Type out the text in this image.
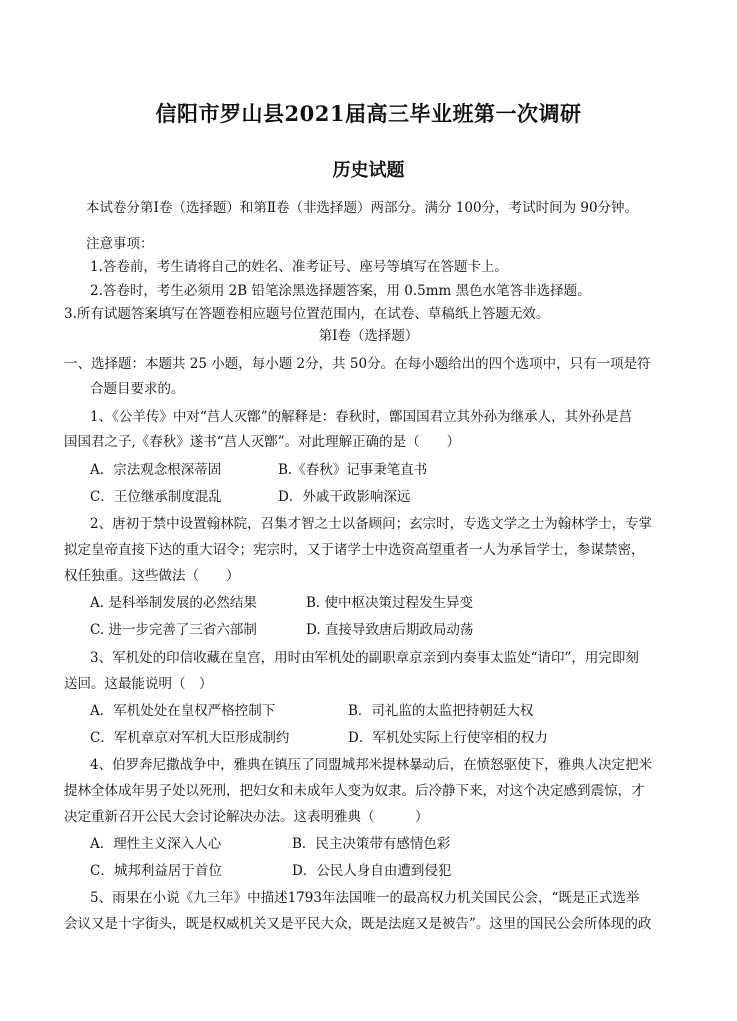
信阳市罗山县2021届高三毕业班第一次调研
历史试题
本试卷分第Ⅰ卷（选择题）和第Ⅱ卷（非选择题）两部分。满分 100分，考试时间为 90分钟。
注意事项：
1.答卷前，考生请将自己的姓名、准考证号、座号等填写在答题卡上。
2.答卷时，考生必须用 2B 铅笔涂黑选择题答案，用 0.5mm 黑色水笔答非选择题。
3.所有试题答案填写在答题卷相应题号位置范围内，在试卷、草稿纸上答题无效。
第Ⅰ卷（选择题）
一、选择题：本题共 25 小题，每小题 2分，共 50分。在每小题给出的四个选项中，只有一项是符
合题目要求的。
1、《公羊传》中对“莒人灭鄫”的解释是：春秋时，鄫国国君立其外孙为继承人，其外孙是莒
国国君之子,《春秋》遂书“莒人灭鄫”。对此理解正确的是（　　）
A．宗法观念根深蒂固	B.《春秋》记事秉笔直书
C．王位继承制度混乱	D．外戚干政影响深远
2、唐初于禁中设置翰林院，召集才智之士以备顾问；玄宗时，专选文学之士为翰林学士，专掌
拟定皇帝直接下达的重大诏令；宪宗时，又于诸学士中选资高望重者一人为承旨学士，参谋禁密，
权任独重。这些做法（　　）
A. 是科举制发展的必然结果	B. 使中枢决策过程发生异变
C. 进一步完善了三省六部制	D. 直接导致唐后期政局动荡
3、军机处的印信收藏在皇宫，用时由军机处的副职章京亲到内奏事太监处“请印”，用完即刻
送回。这最能说明（　）
A．军机处处在皇权严格控制下	B．司礼监的太监把持朝廷大权
C．军机章京对军机大臣形成制约	D．军机处实际上行使宰相的权力
4、伯罗奔尼撒战争中，雅典在镇压了同盟城邦米提林暴动后，在愤怒驱使下，雅典人决定把米
提林全体成年男子处以死刑，把妇女和未成年人变为奴隶。后冷静下来，对这个决定感到震惊，才
决定重新召开公民大会讨论解决办法。这表明雅典（　　　）
A．理性主义深入人心	B．民主决策带有感情色彩
C．城邦利益居于首位	D．公民人身自由遭到侵犯
5、雨果在小说《九三年》中描述1793年法国唯一的最高权力机关国民公会，“既是正式选举
会议又是十字街头，既是权威机关又是平民大众，既是法庭又是被告”。这里的国民公会所体现的政
